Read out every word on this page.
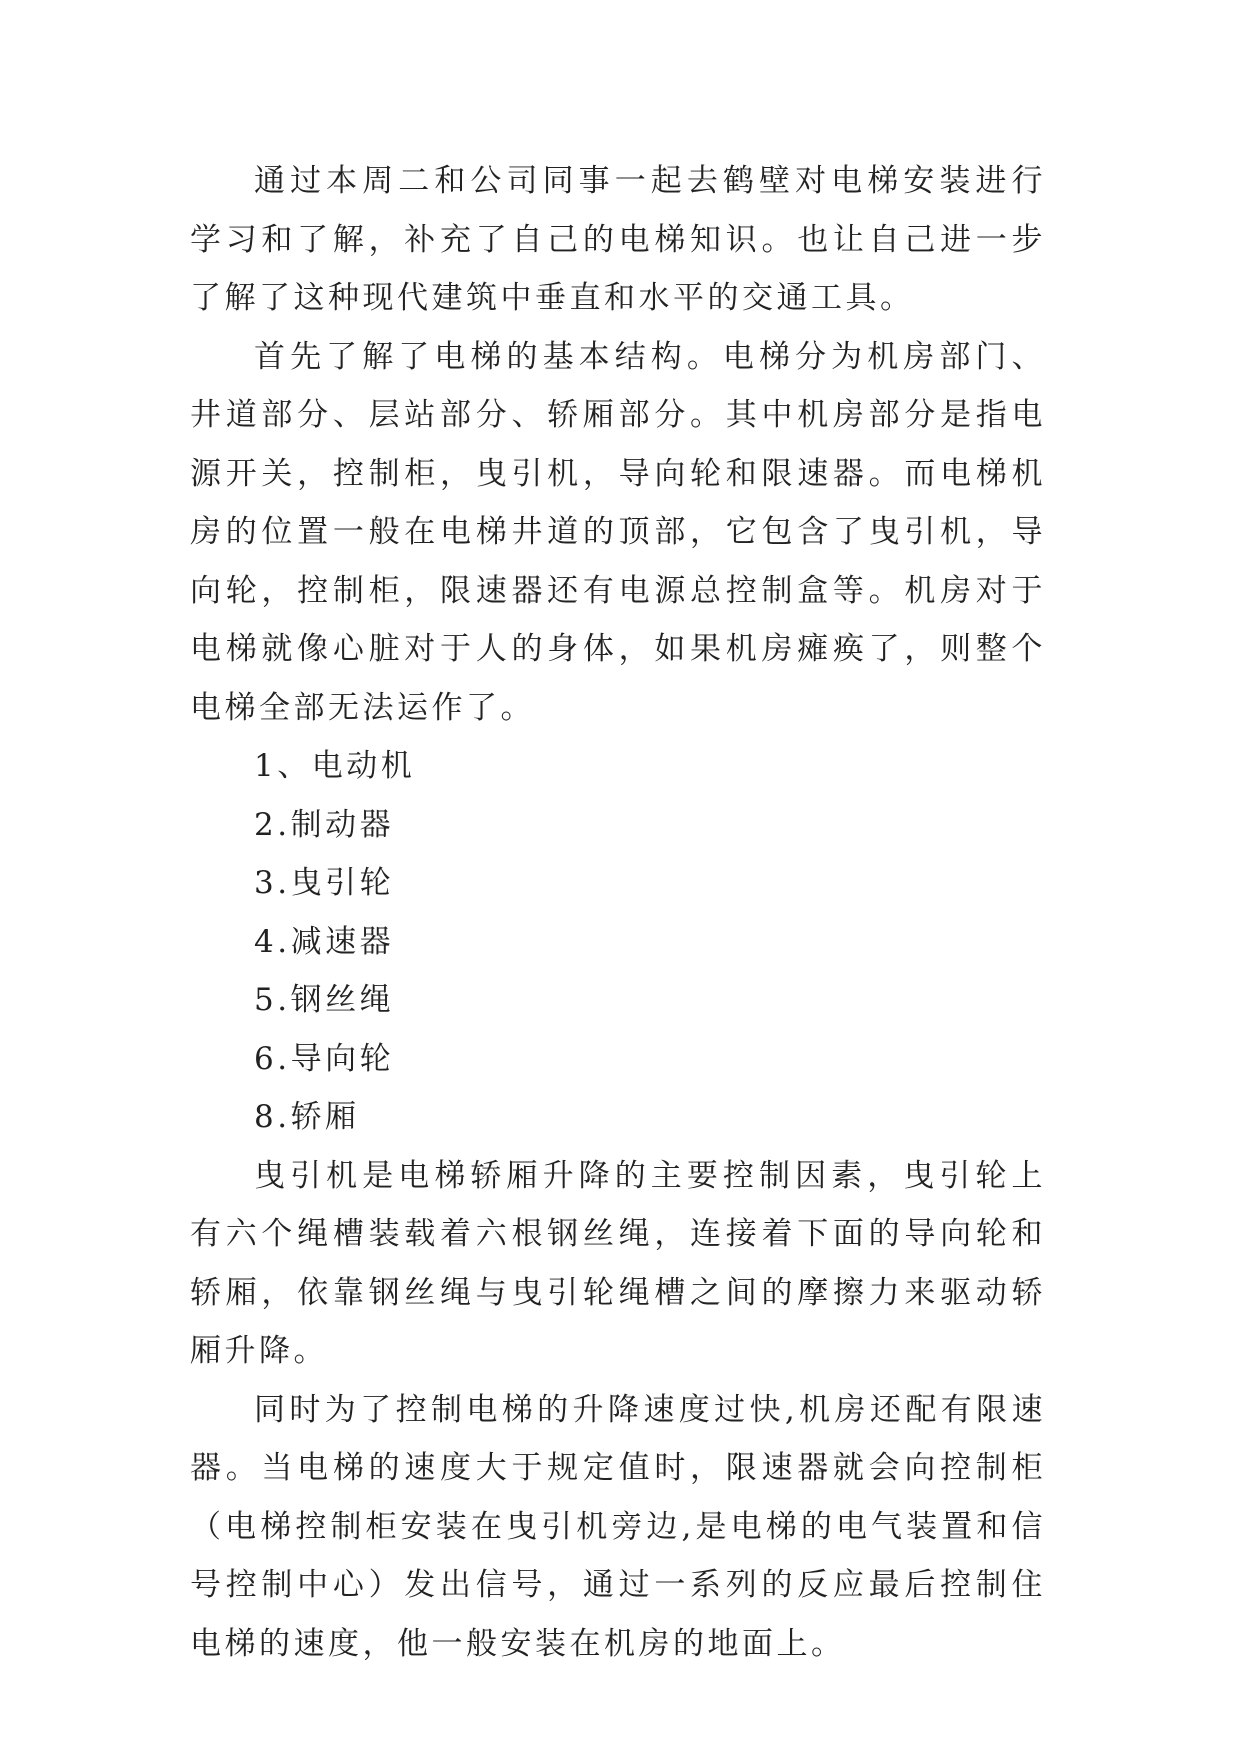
通过本周二和公司同事一起去鹤壁对电梯安装进行学习和了解，补充了自己的电梯知识。也让自己进一步了解了这种现代建筑中垂直和水平的交通工具。

首先了解了电梯的基本结构。电梯分为机房部门、井道部分、层站部分、轿厢部分。其中机房部分是指电源开关，控制柜，曳引机，导向轮和限速器。而电梯机房的位置一般在电梯井道的顶部，它包含了曳引机，导向轮，控制柜，限速器还有电源总控制盒等。机房对于电梯就像心脏对于人的身体，如果机房瘫痪了，则整个电梯全部无法运作了。

1、电动机

2.制动器

3.曳引轮

4.减速器

5.钢丝绳

6.导向轮

8.轿厢

曳引机是电梯轿厢升降的主要控制因素，曳引轮上有六个绳槽装载着六根钢丝绳，连接着下面的导向轮和轿厢，依靠钢丝绳与曳引轮绳槽之间的摩擦力来驱动轿厢升降。

同时为了控制电梯的升降速度过快,机房还配有限速器。当电梯的速度大于规定值时，限速器就会向控制柜（电梯控制柜安装在曳引机旁边,是电梯的电气装置和信号控制中心）发出信号，通过一系列的反应最后控制住电梯的速度，他一般安装在机房的地面上。
